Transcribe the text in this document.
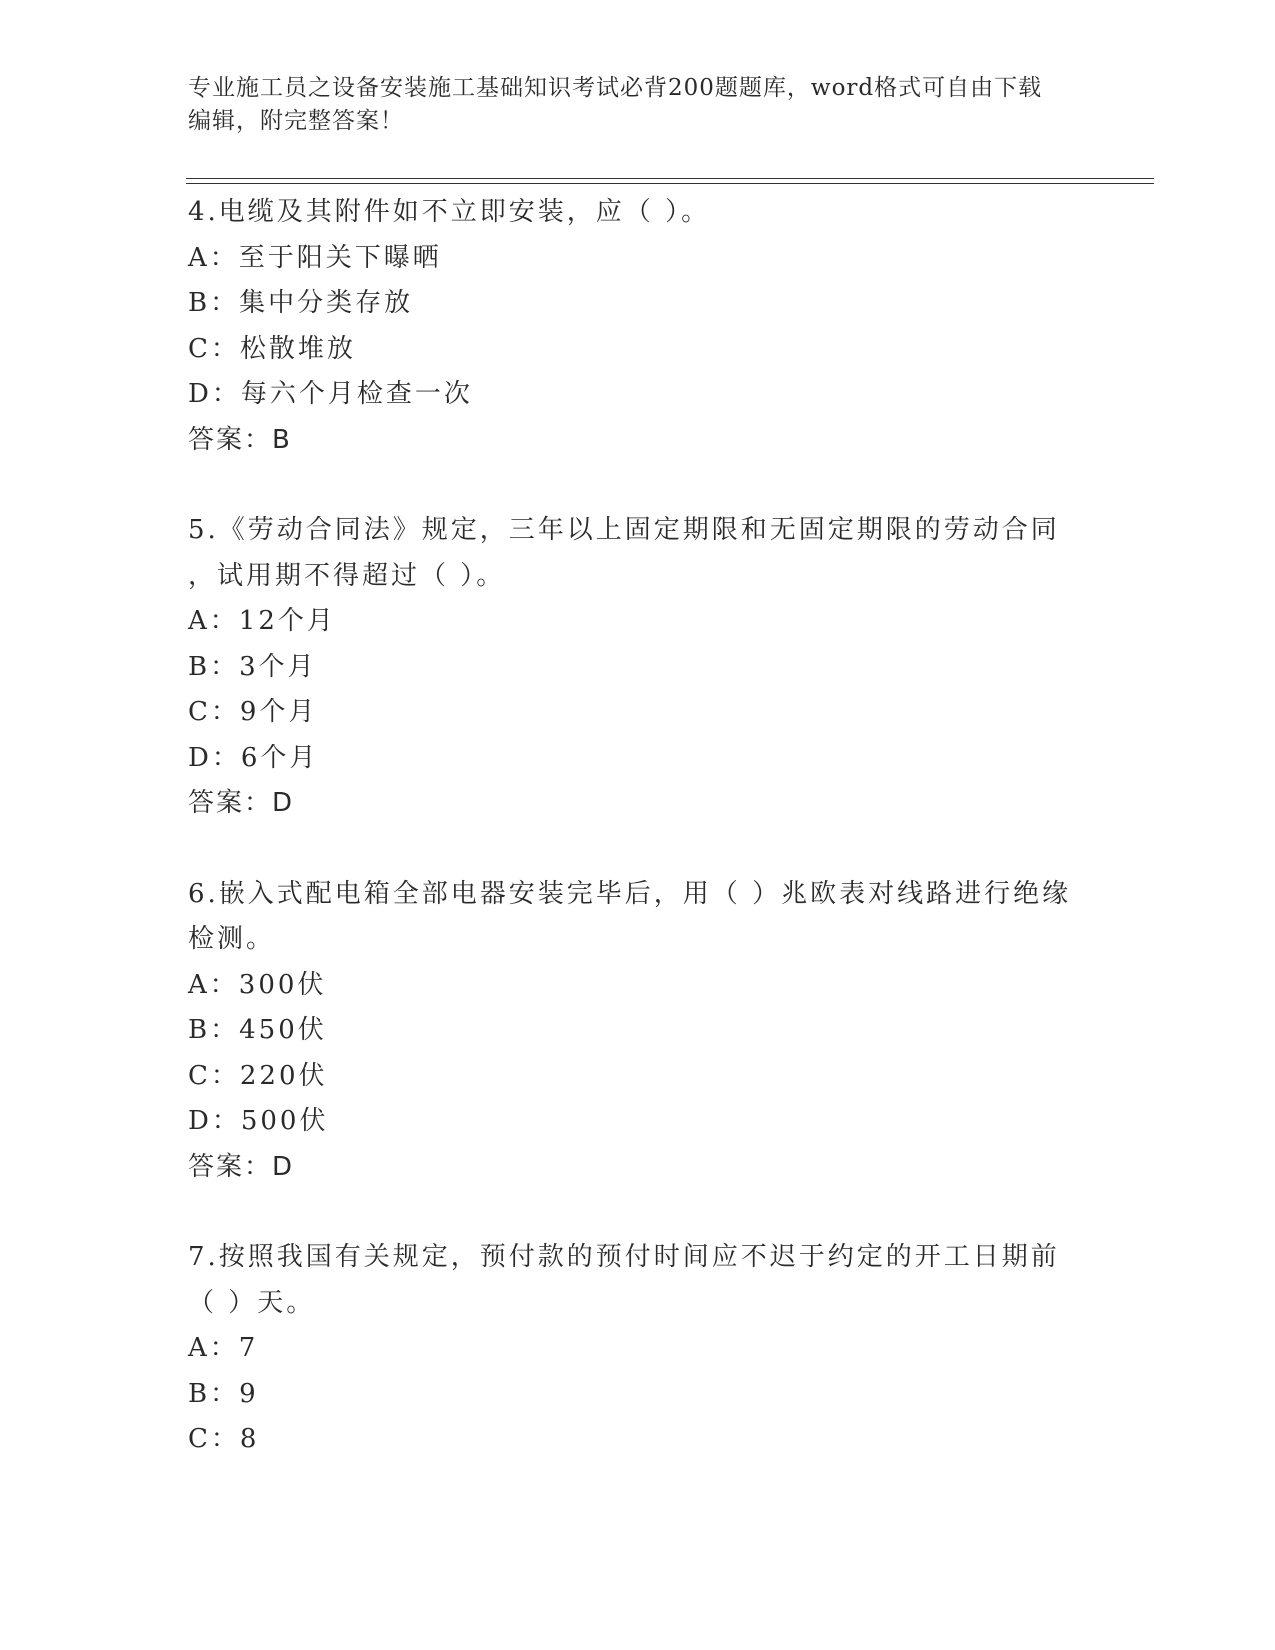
专业施工员之设备安装施工基础知识考试必背200题题库，word格式可自由下载
编辑，附完整答案！
4.电缆及其附件如不立即安装，应（ ）。
A：至于阳关下曝晒
B：集中分类存放
C：松散堆放
D：每六个月检查一次
答案：B
5.《劳动合同法》规定，三年以上固定期限和无固定期限的劳动合同
，试用期不得超过（ ）。
A：12个月
B：3个月
C：9个月
D：6个月
答案：D
6.嵌入式配电箱全部电器安装完毕后，用（ ）兆欧表对线路进行绝缘
检测。
A：300伏
B：450伏
C：220伏
D：500伏
答案：D
7.按照我国有关规定，预付款的预付时间应不迟于约定的开工日期前
（ ）天。
A：7
B：9
C：8
